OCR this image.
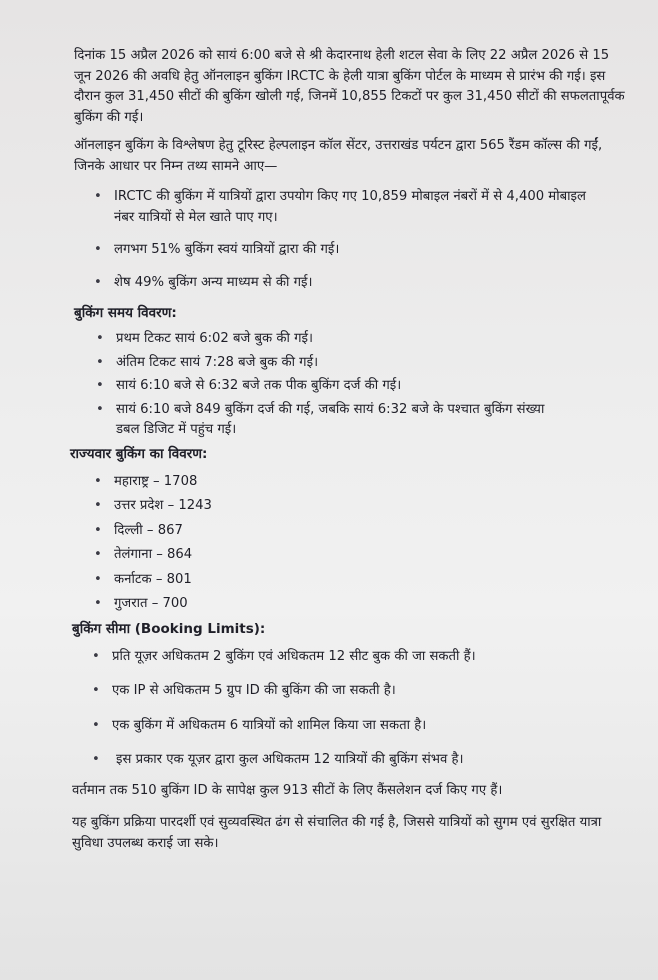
दिनांक 15 अप्रैल 2026 को सायं 6:00 बजे से श्री केदारनाथ हेली शटल सेवा के लिए 22 अप्रैल 2026 से 15 जून 2026 की अवधि हेतु ऑनलाइन बुकिंग IRCTC के हेली यात्रा बुकिंग पोर्टल के माध्यम से प्रारंभ की गई। इस दौरान कुल 31,450 सीटों की बुकिंग खोली गई, जिनमें 10,855 टिकटों पर कुल 31,450 सीटों की सफलतापूर्वक बुकिंग की गई।

ऑनलाइन बुकिंग के विश्लेषण हेतु टूरिस्ट हेल्पलाइन कॉल सेंटर, उत्तराखंड पर्यटन द्वारा 565 रैंडम कॉल्स की गईं, जिनके आधार पर निम्न तथ्य सामने आए—

• IRCTC की बुकिंग में यात्रियों द्वारा उपयोग किए गए 10,859 मोबाइल नंबरों में से 4,400 मोबाइल नंबर यात्रियों से मेल खाते पाए गए।
• लगभग 51% बुकिंग स्वयं यात्रियों द्वारा की गई।
• शेष 49% बुकिंग अन्य माध्यम से की गई।
बुकिंग समय विवरण:
• प्रथम टिकट सायं 6:02 बजे बुक की गई।
• अंतिम टिकट सायं 7:28 बजे बुक की गई।
• सायं 6:10 बजे से 6:32 बजे तक पीक बुकिंग दर्ज की गई।
• सायं 6:10 बजे 849 बुकिंग दर्ज की गई, जबकि सायं 6:32 बजे के पश्चात बुकिंग संख्या डबल डिजिट में पहुंच गई।
राज्यवार बुकिंग का विवरण:
• महाराष्ट्र – 1708
• उत्तर प्रदेश – 1243
• दिल्ली – 867
• तेलंगाना – 864
• कर्नाटक – 801
• गुजरात – 700
बुकिंग सीमा (Booking Limits):
• प्रति यूज़र अधिकतम 2 बुकिंग एवं अधिकतम 12 सीट बुक की जा सकती हैं।
• एक IP से अधिकतम 5 ग्रुप ID की बुकिंग की जा सकती है।
• एक बुकिंग में अधिकतम 6 यात्रियों को शामिल किया जा सकता है।
• इस प्रकार एक यूज़र द्वारा कुल अधिकतम 12 यात्रियों की बुकिंग संभव है।

वर्तमान तक 510 बुकिंग ID के सापेक्ष कुल 913 सीटों के लिए कैंसलेशन दर्ज किए गए हैं।

यह बुकिंग प्रक्रिया पारदर्शी एवं सुव्यवस्थित ढंग से संचालित की गई है, जिससे यात्रियों को सुगम एवं सुरक्षित यात्रा सुविधा उपलब्ध कराई जा सके।
